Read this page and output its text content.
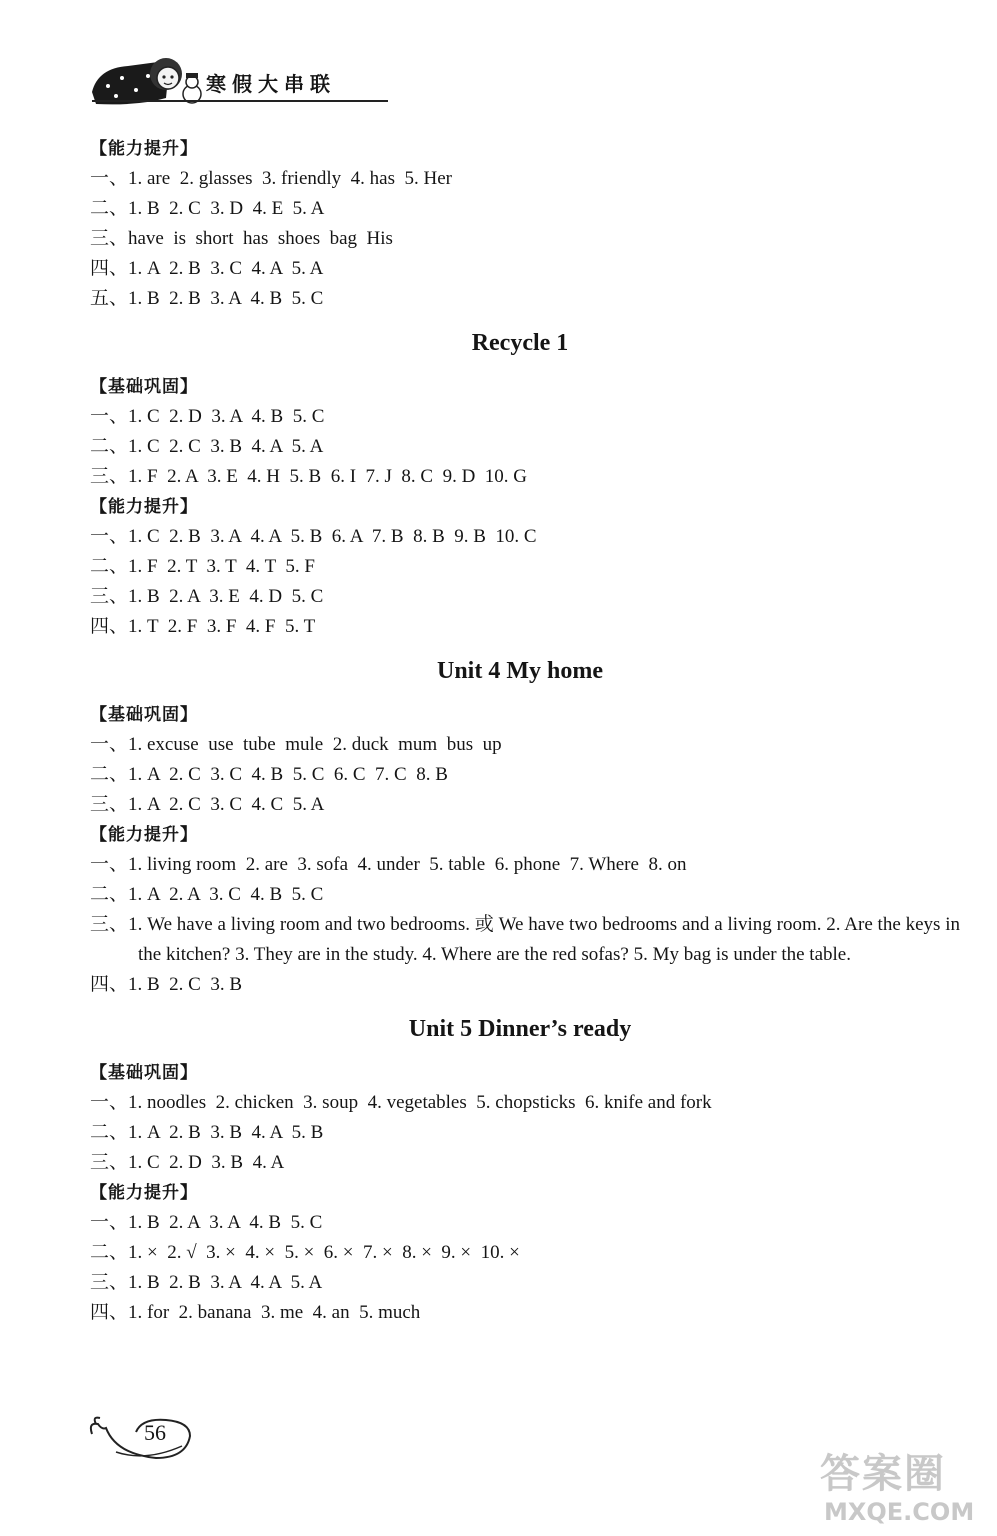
寒假大串联
【能力提升】
一、1. are  2. glasses  3. friendly  4. has  5. Her
二、1. B  2. C  3. D  4. E  5. A
三、have  is  short  has  shoes  bag  His
四、1. A  2. B  3. C  4. A  5. A
五、1. B  2. B  3. A  4. B  5. C
Recycle 1
【基础巩固】
一、1. C  2. D  3. A  4. B  5. C
二、1. C  2. C  3. B  4. A  5. A
三、1. F  2. A  3. E  4. H  5. B  6. I  7. J  8. C  9. D  10. G
【能力提升】
一、1. C  2. B  3. A  4. A  5. B  6. A  7. B  8. B  9. B  10. C
二、1. F  2. T  3. T  4. T  5. F
三、1. B  2. A  3. E  4. D  5. C
四、1. T  2. F  3. F  4. F  5. T
Unit 4 My home
【基础巩固】
一、1. excuse  use  tube  mule  2. duck  mum  bus  up
二、1. A  2. C  3. C  4. B  5. C  6. C  7. C  8. B
三、1. A  2. C  3. C  4. C  5. A
【能力提升】
一、1. living room  2. are  3. sofa  4. under  5. table  6. phone  7. Where  8. on
二、1. A  2. A  3. C  4. B  5. C
三、1. We have a living room and two bedrooms. 或 We have two bedrooms and a living room. 2. Are the keys in the kitchen? 3. They are in the study. 4. Where are the red sofas? 5. My bag is under the table.
四、1. B  2. C  3. B
Unit 5 Dinner’s ready
【基础巩固】
一、1. noodles  2. chicken  3. soup  4. vegetables  5. chopsticks  6. knife and fork
二、1. A  2. B  3. B  4. A  5. B
三、1. C  2. D  3. B  4. A
【能力提升】
一、1. B  2. A  3. A  4. B  5. C
二、1. ×  2. √  3. ×  4. ×  5. ×  6. ×  7. ×  8. ×  9. ×  10. ×
三、1. B  2. B  3. A  4. A  5. A
四、1. for  2. banana  3. me  4. an  5. much
56
答案圈
MXQE.COM
